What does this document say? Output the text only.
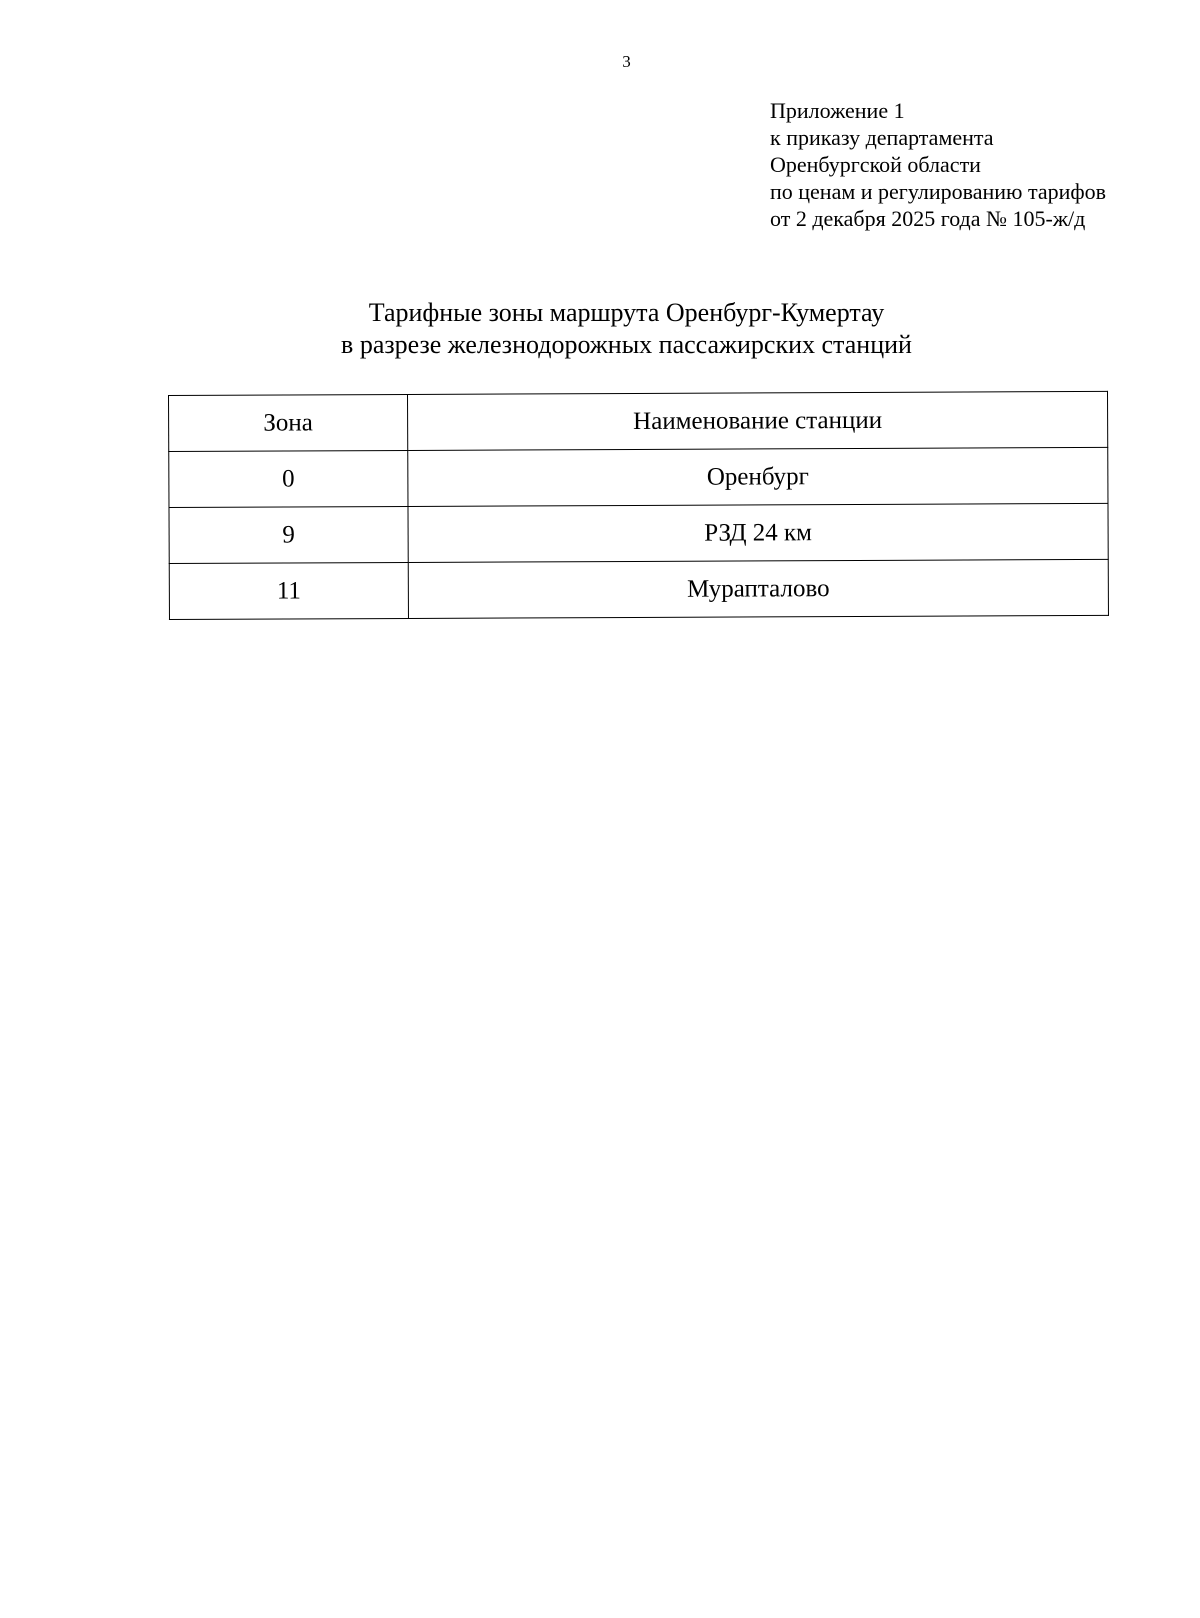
3
Приложение 1
к приказу департамента
Оренбургской области
по ценам и регулированию тарифов
от 2 декабря 2025 года № 105-ж/д
Тарифные зоны маршрута Оренбург-Кумертау
в разрезе железнодорожных пассажирских станций
Зона	Наименование станции
0	Оренбург
9	РЗД 24 км
11	Мурапталово
